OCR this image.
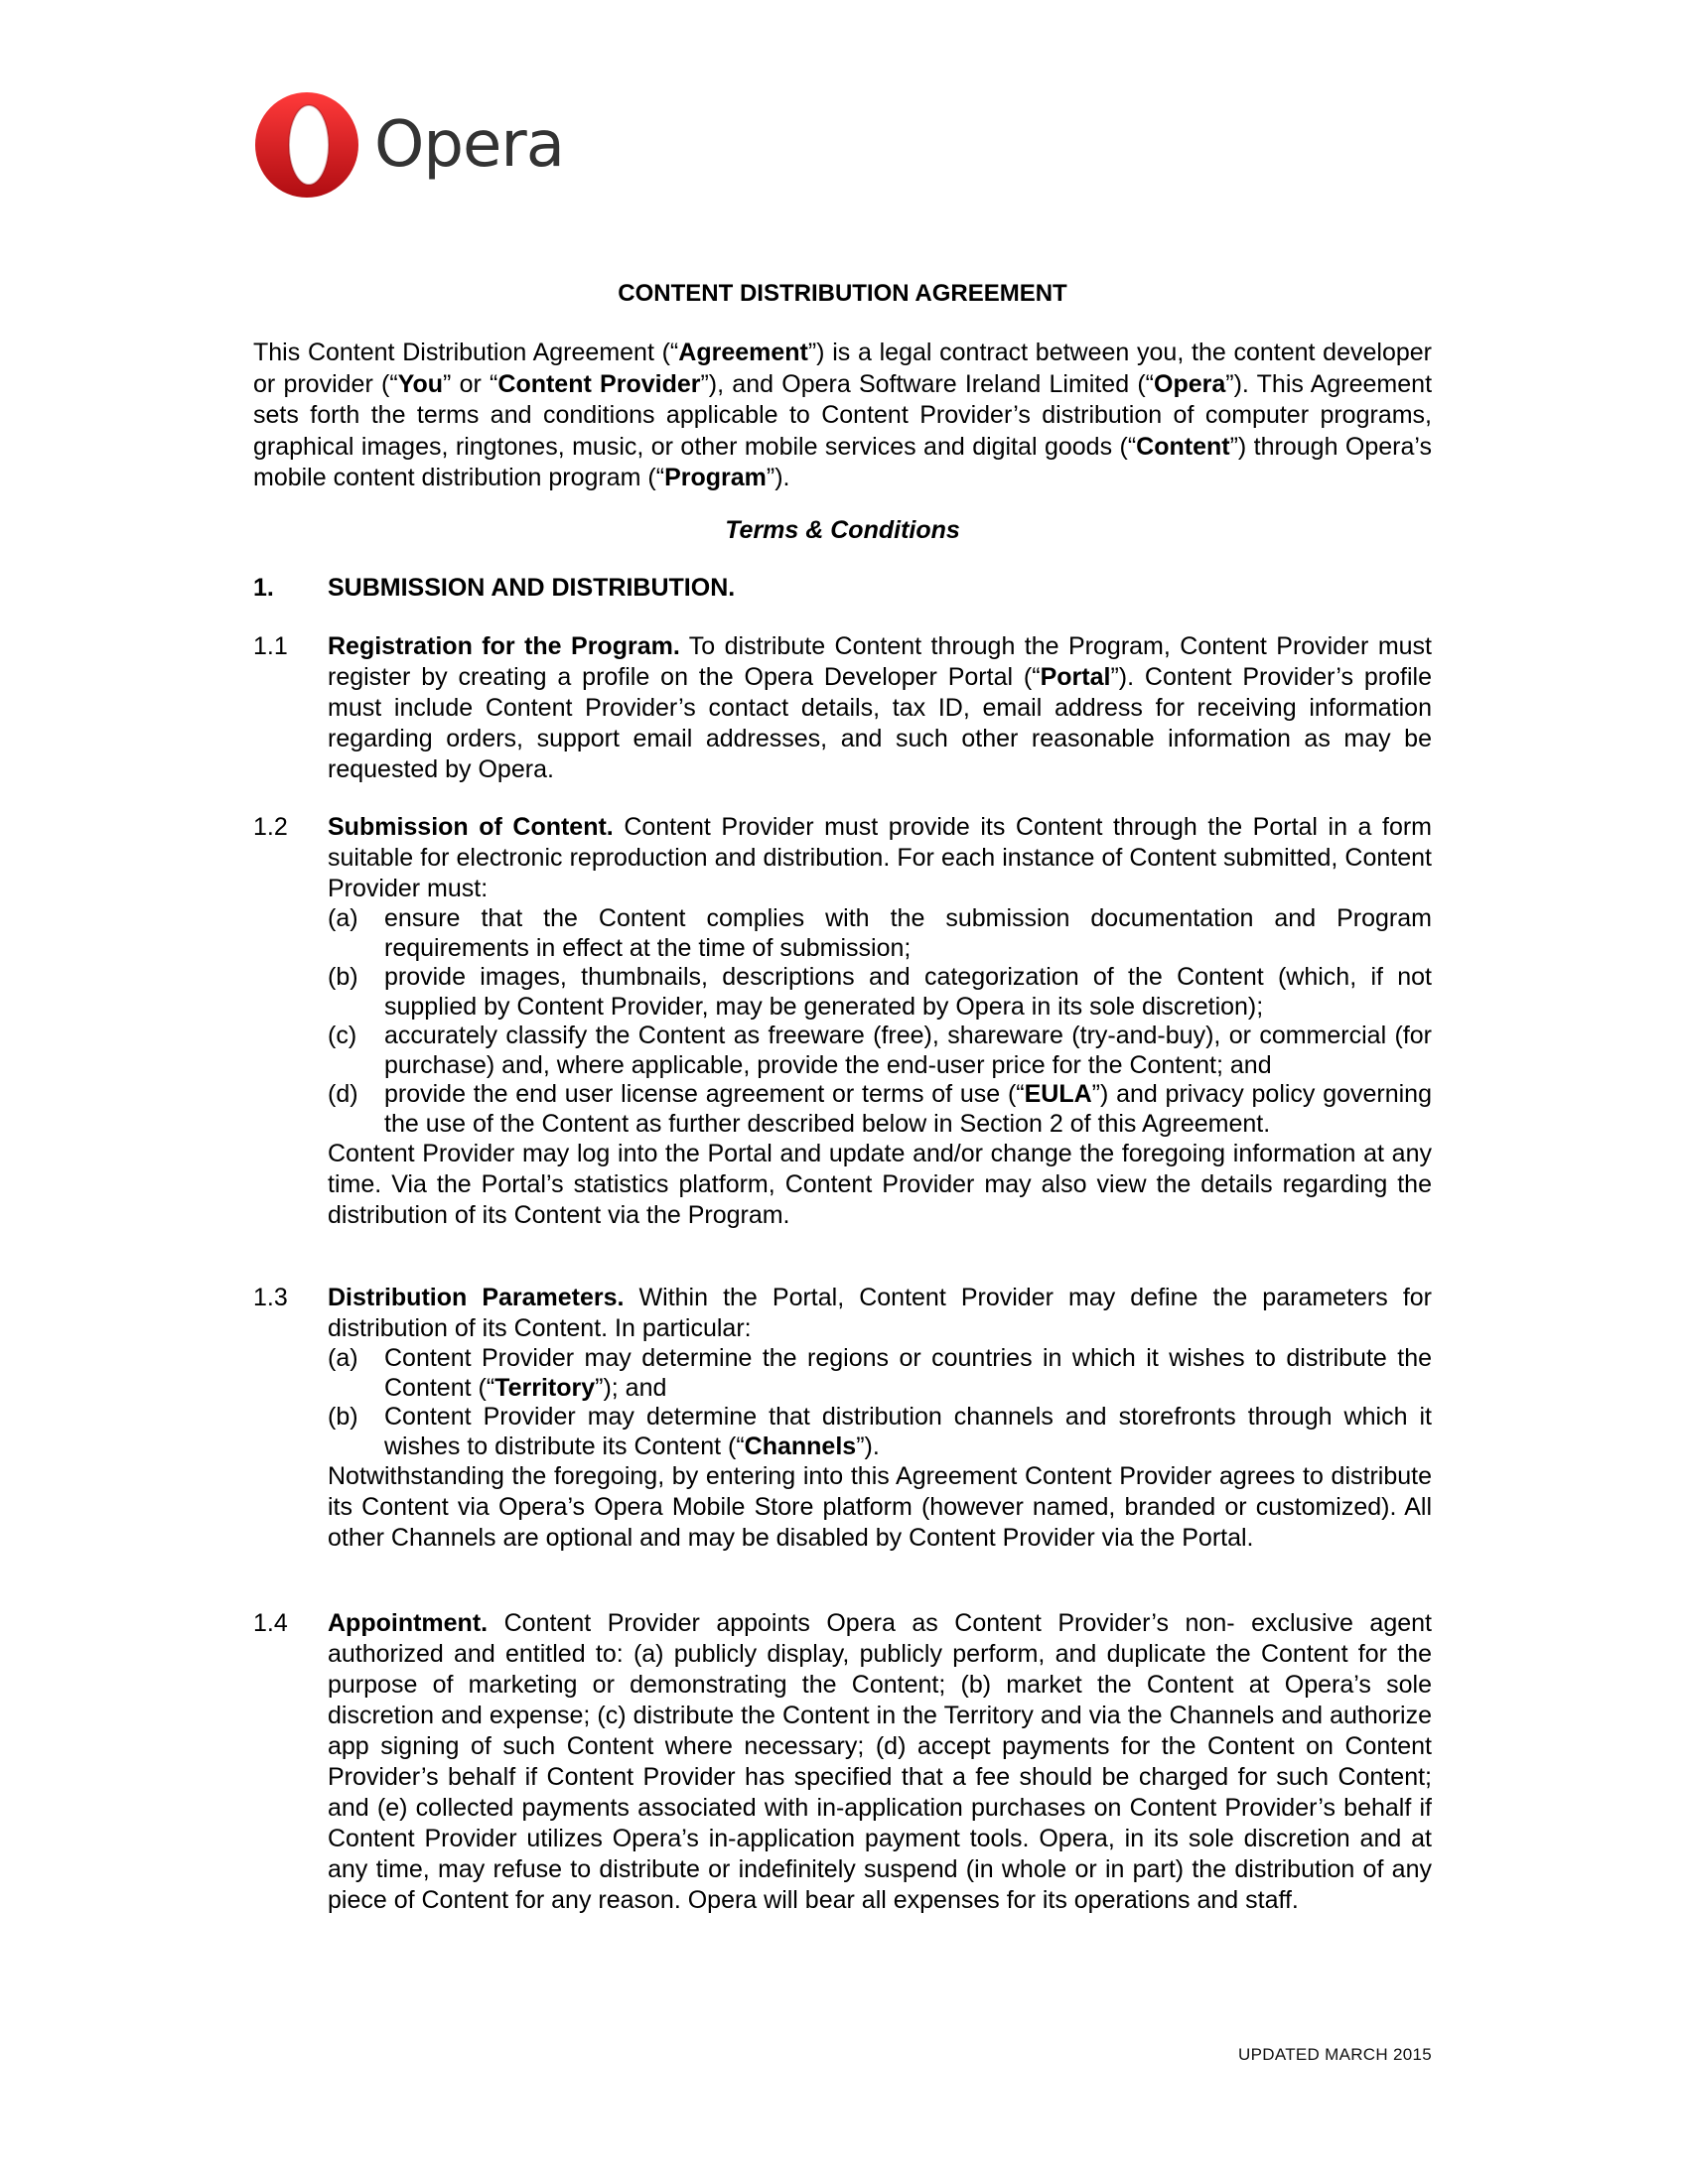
Opera
CONTENT DISTRIBUTION AGREEMENT
This Content Distribution Agreement (“Agreement”) is a legal contract between you, the content developer or provider (“You” or “Content Provider”), and Opera Software Ireland Limited (“Opera”). This Agreement sets forth the terms and conditions applicable to Content Provider’s distribution of computer programs, graphical images, ringtones, music, or other mobile services and digital goods (“Content”) through Opera’s mobile content distribution program (“Program”).
Terms & Conditions
1. SUBMISSION AND DISTRIBUTION.
1.1 Registration for the Program. To distribute Content through the Program, Content Provider must register by creating a profile on the Opera Developer Portal (“Portal”). Content Provider’s profile must include Content Provider’s contact details, tax ID, email address for receiving information regarding orders, support email addresses, and such other reasonable information as may be requested by Opera.
1.2 Submission of Content. Content Provider must provide its Content through the Portal in a form suitable for electronic reproduction and distribution. For each instance of Content submitted, Content Provider must:
(a) ensure that the Content complies with the submission documentation and Program requirements in effect at the time of submission;
(b) provide images, thumbnails, descriptions and categorization of the Content (which, if not supplied by Content Provider, may be generated by Opera in its sole discretion);
(c) accurately classify the Content as freeware (free), shareware (try-and-buy), or commercial (for purchase) and, where applicable, provide the end-user price for the Content; and
(d) provide the end user license agreement or terms of use (“EULA”) and privacy policy governing the use of the Content as further described below in Section 2 of this Agreement.
Content Provider may log into the Portal and update and/or change the foregoing information at any time. Via the Portal’s statistics platform, Content Provider may also view the details regarding the distribution of its Content via the Program.
1.3 Distribution Parameters. Within the Portal, Content Provider may define the parameters for distribution of its Content. In particular:
(a) Content Provider may determine the regions or countries in which it wishes to distribute the Content (“Territory”); and
(b) Content Provider may determine that distribution channels and storefronts through which it wishes to distribute its Content (“Channels”).
Notwithstanding the foregoing, by entering into this Agreement Content Provider agrees to distribute its Content via Opera’s Opera Mobile Store platform (however named, branded or customized). All other Channels are optional and may be disabled by Content Provider via the Portal.
1.4 Appointment. Content Provider appoints Opera as Content Provider’s non- exclusive agent authorized and entitled to: (a) publicly display, publicly perform, and duplicate the Content for the purpose of marketing or demonstrating the Content; (b) market the Content at Opera’s sole discretion and expense; (c) distribute the Content in the Territory and via the Channels and authorize app signing of such Content where necessary; (d) accept payments for the Content on Content Provider’s behalf if Content Provider has specified that a fee should be charged for such Content; and (e) collected payments associated with in-application purchases on Content Provider’s behalf if Content Provider utilizes Opera’s in-application payment tools. Opera, in its sole discretion and at any time, may refuse to distribute or indefinitely suspend (in whole or in part) the distribution of any piece of Content for any reason. Opera will bear all expenses for its operations and staff.
UPDATED MARCH 2015
